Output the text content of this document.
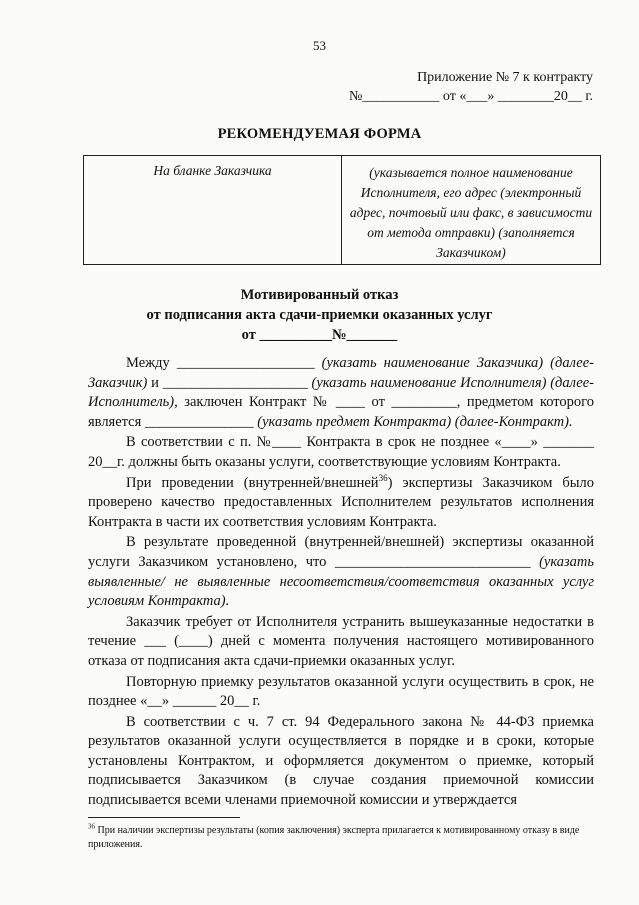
53
Приложение № 7 к контракту
№___________ от «___» ________20__ г.
РЕКОМЕНДУЕМАЯ ФОРМА
На бланке Заказчика	(указывается полное наименование Исполнителя, его адрес (электронный адрес, почтовый или факс, в зависимости от метода отправки) (заполняется Заказчиком)
Мотивированный отказ
от подписания акта сдачи-приемки оказанных услуг
от __________№_______

Между ___________________ (указать наименование Заказчика) (далее-Заказчик) и ____________________ (указать наименование Исполнителя) (далее-Исполнитель), заключен Контракт № ____ от _________, предметом которого является _______________ (указать предмет Контракта) (далее-Контракт).

В соответствии с п. №____ Контракта в срок не позднее «____» _______ 20__г. должны быть оказаны услуги, соответствующие условиям Контракта.

При проведении (внутренней/внешней$^{36}$) экспертизы Заказчиком было проверено качество предоставленных Исполнителем результатов исполнения Контракта в части их соответствия условиям Контракта.

В результате проведенной (внутренней/внешней) экспертизы оказанной услуги Заказчиком установлено, что ___________________________ (указать выявленные/ не выявленные несоответствия/соответствия оказанных услуг условиям Контракта).

Заказчик требует от Исполнителя устранить вышеуказанные недостатки в течение ___ (____) дней с момента получения настоящего мотивированного отказа от подписания акта сдачи-приемки оказанных услуг.

Повторную приемку результатов оказанной услуги осуществить в срок, не позднее «__» ______ 20__ г.

В соответствии с ч. 7 ст. 94 Федерального закона № 44-ФЗ приемка результатов оказанной услуги осуществляется в порядке и в сроки, которые установлены Контрактом, и оформляется документом о приемке, который подписывается Заказчиком (в случае создания приемочной комиссии подписывается всеми членами приемочной комиссии и утверждается

$^{36}$ При наличии экспертизы результаты (копия заключения) эксперта прилагается к мотивированному отказу в виде приложения.
